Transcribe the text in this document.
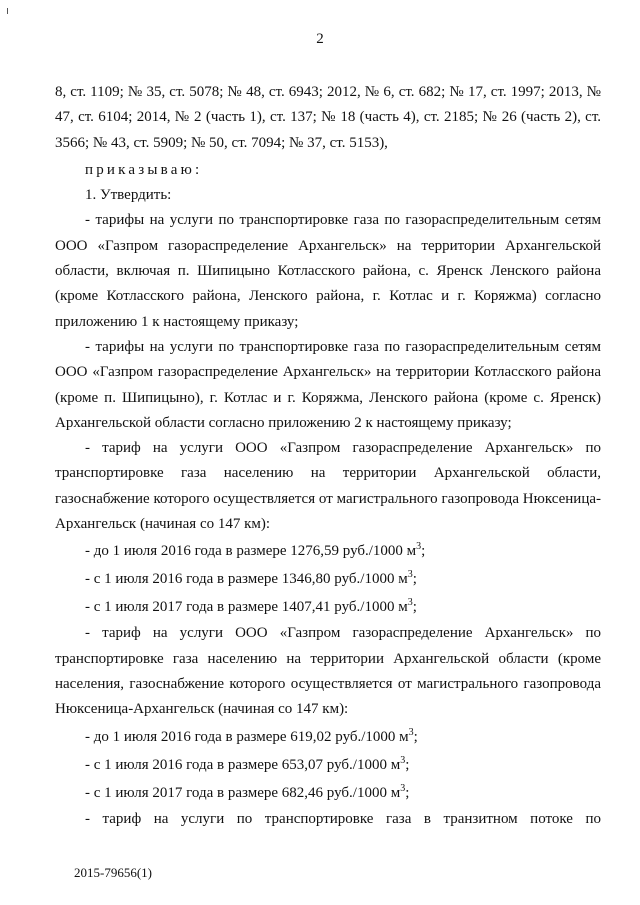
2

8, ст. 1109; № 35, ст. 5078; № 48, ст. 6943; 2012, № 6, ст. 682; № 17, ст. 1997; 2013, № 47, ст. 6104; 2014, № 2 (часть 1), ст. 137; № 18 (часть 4), ст. 2185; № 26 (часть 2), ст. 3566; № 43, ст. 5909; № 50, ст. 7094; № 37, ст. 5153),

приказываю:

1. Утвердить:

- тарифы на услуги по транспортировке газа по газораспределительным сетям ООО «Газпром газораспределение Архангельск» на территории Архангельской области, включая п. Шипицыно Котласского района, с. Яренск Ленского района (кроме Котласского района, Ленского района, г. Котлас и г. Коряжма) согласно приложению 1 к настоящему приказу;

- тарифы на услуги по транспортировке газа по газораспределительным сетям ООО «Газпром газораспределение Архангельск» на территории Котласского района (кроме п. Шипицыно), г. Котлас и г. Коряжма, Ленского района (кроме с. Яренск) Архангельской области согласно приложению 2 к настоящему приказу;

- тариф на услуги ООО «Газпром газораспределение Архангельск» по транспортировке газа населению на территории Архангельской области, газоснабжение которого осуществляется от магистрального газопровода Нюксеница-Архангельск (начиная со 147 км):

- до 1 июля 2016 года в размере 1276,59 руб./1000 $м^3$;

- с 1 июля 2016 года в размере 1346,80 руб./1000 $м^3$;

- с 1 июля 2017 года в размере 1407,41 руб./1000 $м^3$;

- тариф на услуги ООО «Газпром газораспределение Архангельск» по транспортировке газа населению на территории Архангельской области (кроме населения, газоснабжение которого осуществляется от магистрального газопровода Нюксеница-Архангельск (начиная со 147 км):

- до 1 июля 2016 года в размере 619,02 руб./1000 $м^3$;

- с 1 июля 2016 года в размере 653,07 руб./1000 $м^3$;

- с 1 июля 2017 года в размере 682,46 руб./1000 $м^3$;

- тариф на услуги по транспортировке газа в транзитном потоке по

2015-79656(1)
